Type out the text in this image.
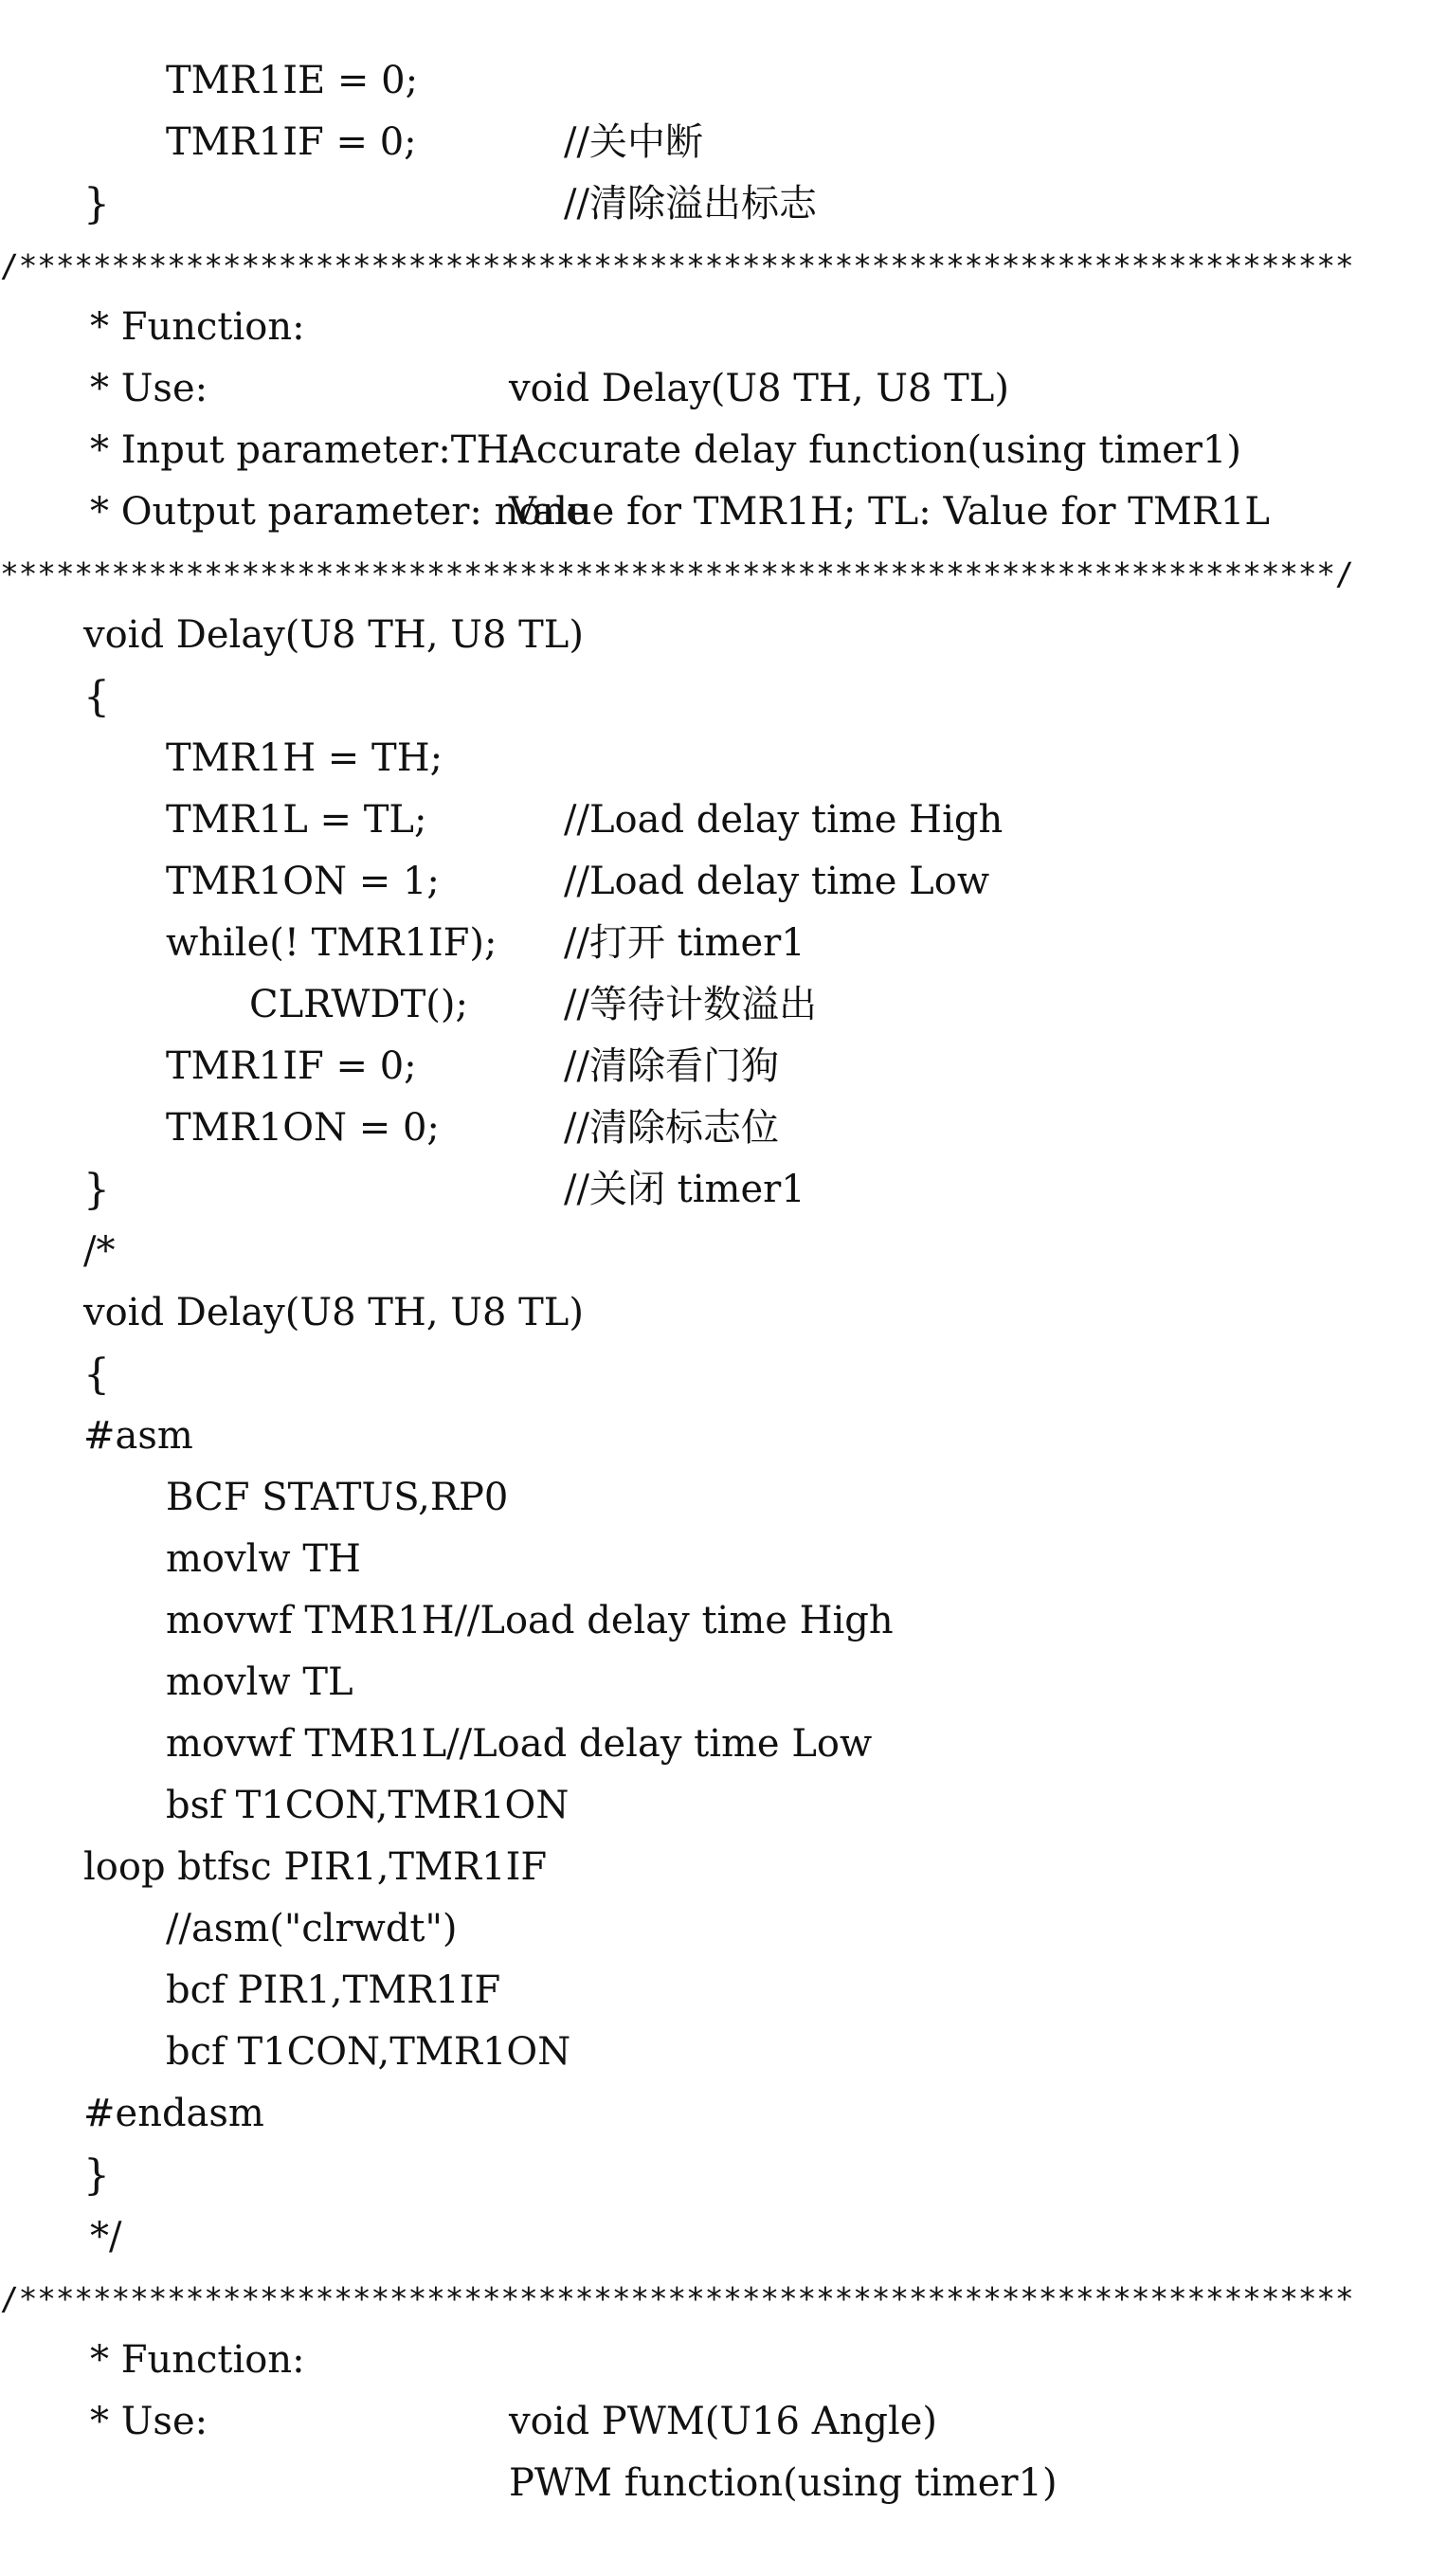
TMR1IE = 0;

//关中断

TMR1IF = 0;

//清除溢出标志

}

/************************************************************************

* Function:

void Delay(U8 TH, U8 TL)

* Use:

Accurate delay function(using timer1)

* Input parameter:TH:

Value for TMR1H; TL: Value for TMR1L

* Output parameter: none

************************************************************************/

void Delay(U8 TH, U8 TL)

{

TMR1H = TH;

//Load delay time High

TMR1L = TL;

//Load delay time Low

TMR1ON = 1;

//打开 timer1

while(! TMR1IF);

//等待计数溢出

CLRWDT();

//清除看门狗

TMR1IF = 0;

//清除标志位

TMR1ON = 0;

//关闭 timer1

}

/*

void Delay(U8 TH, U8 TL)

{

#asm

BCF STATUS,RP0

movlw TH

movwf TMR1H//Load delay time High

movlw TL

movwf TMR1L//Load delay time Low

bsf T1CON,TMR1ON

loop btfsc PIR1,TMR1IF

//asm("clrwdt")

bcf PIR1,TMR1IF

bcf T1CON,TMR1ON

#endasm

}

*/

/************************************************************************

* Function:

void PWM(U16 Angle)

* Use:

PWM function(using timer1)
